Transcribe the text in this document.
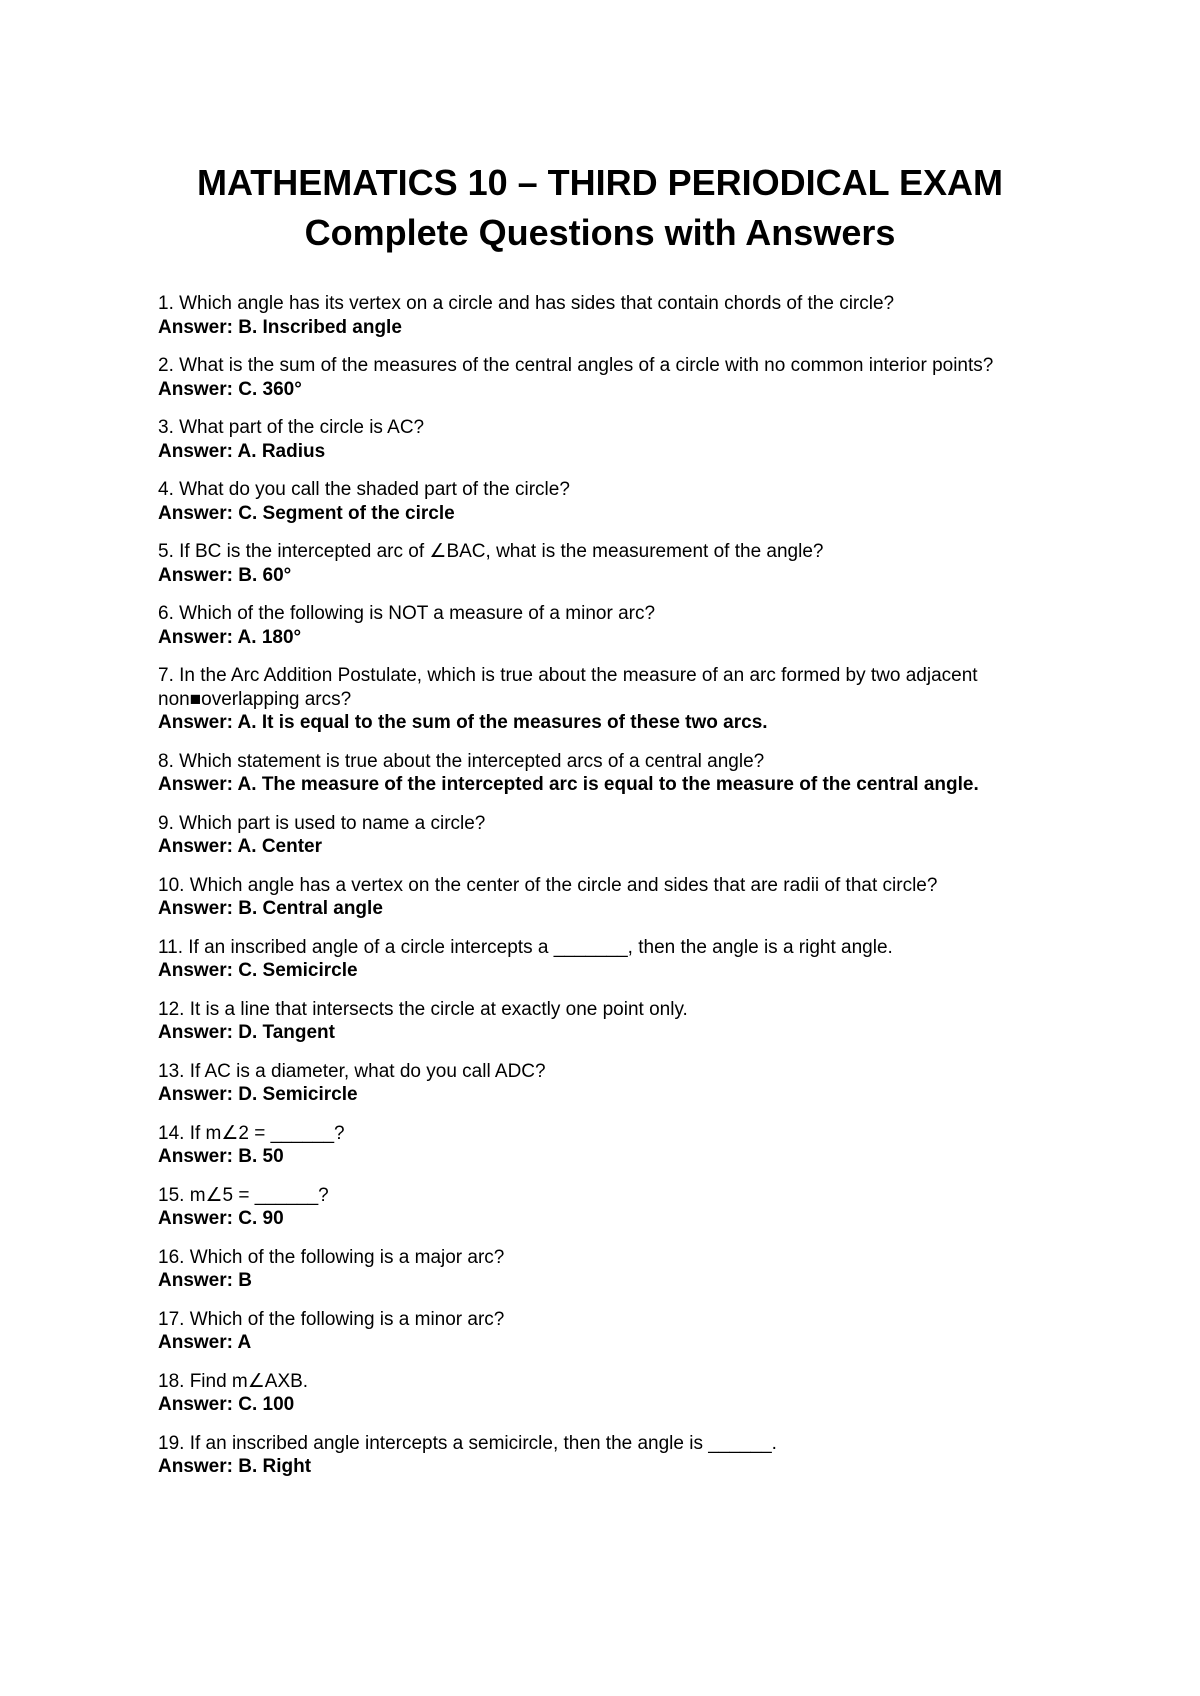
MATHEMATICS 10 – THIRD PERIODICAL EXAM
Complete Questions with Answers

1. Which angle has its vertex on a circle and has sides that contain chords of the circle?

Answer: B. Inscribed angle

2. What is the sum of the measures of the central angles of a circle with no common interior points?

Answer: C. 360°

3. What part of the circle is AC?

Answer: A. Radius

4. What do you call the shaded part of the circle?

Answer: C. Segment of the circle

5. If BC is the intercepted arc of ∠BAC, what is the measurement of the angle?

Answer: B. 60°

6. Which of the following is NOT a measure of a minor arc?

Answer: A. 180°

7. In the Arc Addition Postulate, which is true about the measure of an arc formed by two adjacent non■overlapping arcs?

Answer: A. It is equal to the sum of the measures of these two arcs.

8. Which statement is true about the intercepted arcs of a central angle?

Answer: A. The measure of the intercepted arc is equal to the measure of the central angle.

9. Which part is used to name a circle?

Answer: A. Center

10. Which angle has a vertex on the center of the circle and sides that are radii of that circle?

Answer: B. Central angle

11. If an inscribed angle of a circle intercepts a _______, then the angle is a right angle.

Answer: C. Semicircle

12. It is a line that intersects the circle at exactly one point only.

Answer: D. Tangent

13. If AC is a diameter, what do you call ADC?

Answer: D. Semicircle

14. If m∠2 = ______?

Answer: B. 50

15. m∠5 = ______?

Answer: C. 90

16. Which of the following is a major arc?

Answer: B

17. Which of the following is a minor arc?

Answer: A

18. Find m∠AXB.

Answer: C. 100

19. If an inscribed angle intercepts a semicircle, then the angle is ______.

Answer: B. Right
